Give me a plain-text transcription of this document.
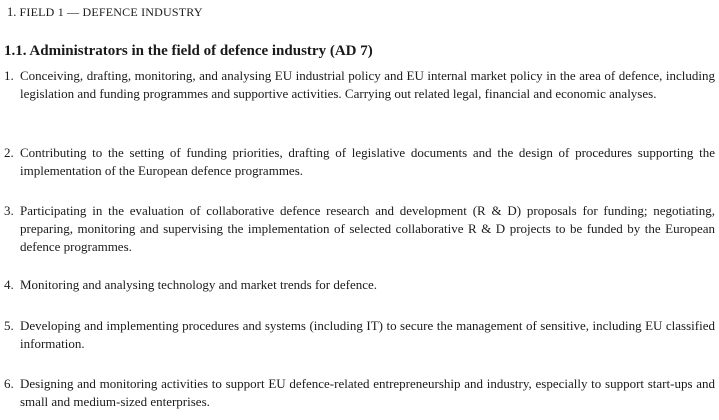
1. FIELD 1 — DEFENCE INDUSTRY
1.1. Administrators in the field of defence industry (AD 7)
1. Conceiving, drafting, monitoring, and analysing EU industrial policy and EU internal market policy in the area of defence, including legislation and funding programmes and supportive activities. Carrying out related legal, financial and economic analyses.
2. Contributing to the setting of funding priorities, drafting of legislative documents and the design of procedures supporting the implementation of the European defence programmes.
3. Participating in the evaluation of collaborative defence research and development (R & D) proposals for funding; negotiating, preparing, monitoring and supervising the implementation of selected collaborative R & D projects to be funded by the European defence programmes.
4. Monitoring and analysing technology and market trends for defence.
5. Developing and implementing procedures and systems (including IT) to secure the management of sensitive, including EU classified information.
6. Designing and monitoring activities to support EU defence-related entrepreneurship and industry, especially to support start-ups and small and medium-sized enterprises.
